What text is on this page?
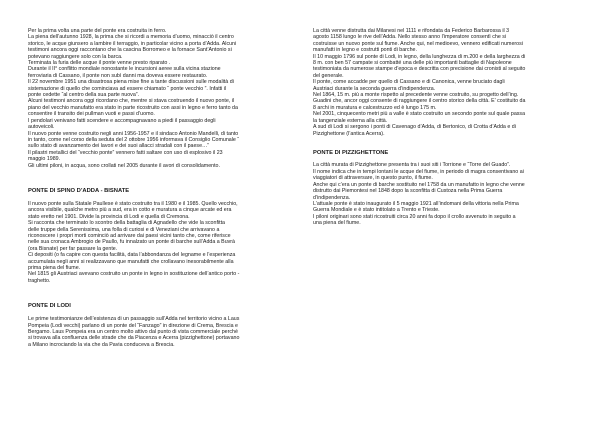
Per la prima volta una parte del ponte era costruita in ferro.

La piena dell’autunno 1928, la prima che si ricordi a memoria d’uomo, minacciò il centro

storico, le acque giunsero a lambire il terraggio, in particolar vicino a porta d’Adda. Alcuni

testimoni ancora oggi raccontano che la cascina Borromeo e la fornace Sant’Antonio si

potevano raggiungere solo con la barca.

Terminata la furia delle acque il ponte venne presto riparato .

Durante il II° conflitto mondiale nonostante le incursioni aeree sulla vicina stazione

ferroviaria di Cassano, il ponte non subì danni ma doveva essere restaurato.

Il 22 novembre 1951 una disastrosa piena mise fine a tante discussioni sulle modalità di

sistemazione di quello che cominciava ad essere chiamato “ ponte vecchio ”. Infatti il

ponte cedette “al centro della sua parte nuova”.

Alcuni testimoni ancora oggi ricordano che, mentre si stava costruendo il nuovo ponte, il

piano del vecchio manufatto era stato in parte ricostruito con assi in legno e ferro tanto da

consentire il transito dei pullman vuoti e passi d’uomo.

I pendolari venivano fatti scendere e accompagnavano a piedi il passaggio degli

autoveicoli.

Il nuovo ponte venne costruito negli anni 1956-1957 e il sindaco Antonio Mandelli, di tanto

in tanto, come nel corso della seduta del 2 ottobre 1956 informava il Consiglio Comunale “

sullo stato di avanzamento dei lavori e dei suoi allacci stradali con il paese…”

Il pilastri metallici del “vecchio ponte” vennero fatti saltare con uso di esplosivo il 23

maggio 1989.

Gli ultimi piloni, in acqua, sono crollati nel 2005 durante il avori di consolidamento.

PONTE DI SPINO D’ADDA - BISNATE

Il nuovo ponte sulla Statale Paullese è stato costruito tra il 1980 e il 1985. Quello vecchio,

ancora visibile, qualche metro più a sud, era in cotto e muratura a cinque arcate ed era

stato eretto nel 1901. Divide la provincia di Lodi e quella di Cremona.

Si racconta che terminato lo scontro della battaglia di Agnadello che vide la sconfitta

delle truppe della Serenissima, una folla di curiosi e di Veneziani che arrivavano a

riconoscere i propri morti cominciò ad arrivare dai paesi vicini tanto che, come riferisce

nelle sua cronaca Ambrogio de Paullo, fu innalzato un ponte di barche sull’Adda a Buvrà

(ora Bisnate) per far passare la gente.

Ci depositi (o fa capire con questa facilità, data l’abbondanza del legname e l’esperienza

accumulata negli anni si realizzavano que manufatti che crollavano inesorabilmente alla

prima piena del fiume.

Nel 1815 gli Austriaci avevano costruito un ponte in legno in sostituzione dell’antico porto -

traghetto.

PONTE DI LODI

Le prime testimonianze dell’esistenza di un passaggio sull’Adda nel territorio vicino a Laus

Pompeia (Lodi vecchi) parlano di un ponte del “Fanzago” in direzione di Crema, Brescia e

Bergamo. Laus Pompeia era un centro molto attivo dal punto di vista commerciale perché

si trovava alla confluenza delle strade che da Piacenza e Acerra (pizzighettone) portavano

a Milano incrociando la via che da Pavia conduceva a Brescia.

La città venne distrutta dai Milanesi nel 1111 e rifondata da Federico Barbarossa il 3

agosto 1158 lungo le rive dell’Adda. Nello stesso anno l’imperatore consentì che si

costruisse un nuovo ponte sul fiume. Anche qui, nel medioevo, vennero edificati numerosi

manufatti in legno e costrutti ponti di barche.

Il 10 maggio 1796 sul ponte di Lodi, in legno, della lunghezza di m.200 e della larghezza di

8 m. con ben 57 campate si combatté una delle più importanti battaglie di Napoleone

testimoniata da numerose stampe d’epoca e descritta con precisione dai cronisti al seguito

del generale.

Il ponte, come accadde per quello di Cassano e di Canonica, venne bruciato dagli

Austriaci durante la seconda guerra d’indipendenza.

Nel 1864, 15 m. più a monte rispetto al precedente venne costruito, su progetto dell’ing.

Guadini che, ancor oggi consente di raggiungere il centro storico della città. E’ costituito da

8 archi in muratura e calcestruzzo ed è lungo 175 m.

Nel 2001, cinquecento metri più a valle è stato costruito un secondo ponte sul quale passa

la tangenziale esterna alla città.

A sud di Lodi si sergono i ponti di Cavenago d’Adda, di Bertonico, di Crotta d’Adda e di

Pizzighettone (l’antica Acerra).

PONTE DI PIZZIGHETTONE

La città murata di Pizzighettone presenta tra i suoi siti i Torrione e “Torre del Guado”.

Il nome indica che in tempi lontani le acque del fiume, in periodo di magra consentivano ai

viaggiatori di attraversare, in questo punto, il fiume.

Anche qui c’era un ponte di barche sostituito nel 1758 da un manufatto in legno che venne

distrutto dai Piemontesi nel 1848 dopo la sconfitta di Custoza nella Prima Guerra

d’indipendenza.

L’attuale ponte è stato inaugurato il 5 maggio 1921 all’indomani della vittoria nella Prima

Guerra Mondiale e è stato intitolato a Trento e Trieste.

I piloni originari sono stati ricostruiti circa 20 anni fa dopo il crollo avvenuto in seguito a

una piena del fiume.
